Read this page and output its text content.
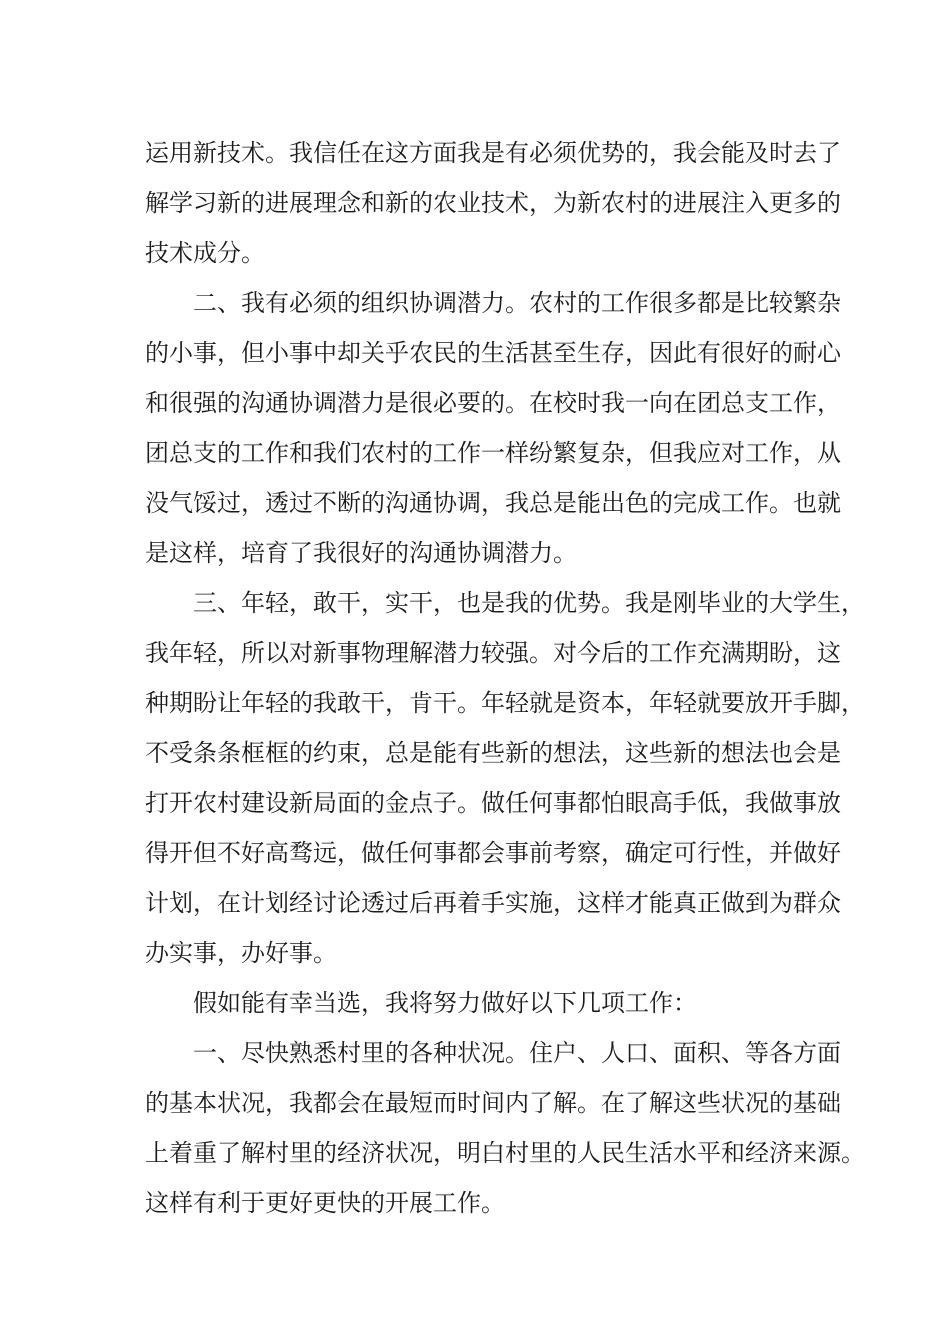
运用新技术。我信任在这方面我是有必须优势的，我会能及时去了
解学习新的进展理念和新的农业技术，为新农村的进展注入更多的
技术成分。
二、我有必须的组织协调潜力。农村的工作很多都是比较繁杂
的小事，但小事中却关乎农民的生活甚至生存，因此有很好的耐心
和很强的沟通协调潜力是很必要的。在校时我一向在团总支工作，
团总支的工作和我们农村的工作一样纷繁复杂，但我应对工作，从
没气馁过，透过不断的沟通协调，我总是能出色的完成工作。也就
是这样，培育了我很好的沟通协调潜力。
三、年轻，敢干，实干，也是我的优势。我是刚毕业的大学生，
我年轻，所以对新事物理解潜力较强。对今后的工作充满期盼，这
种期盼让年轻的我敢干，肯干。年轻就是资本，年轻就要放开手脚，
不受条条框框的约束，总是能有些新的想法，这些新的想法也会是
打开农村建设新局面的金点子。做任何事都怕眼高手低，我做事放
得开但不好高骛远，做任何事都会事前考察，确定可行性，并做好
计划，在计划经讨论透过后再着手实施，这样才能真正做到为群众
办实事，办好事。
假如能有幸当选，我将努力做好以下几项工作：
一、尽快熟悉村里的各种状况。住户、人口、面积、等各方面
的基本状况，我都会在最短而时间内了解。在了解这些状况的基础
上着重了解村里的经济状况，明白村里的人民生活水平和经济来源。
这样有利于更好更快的开展工作。
